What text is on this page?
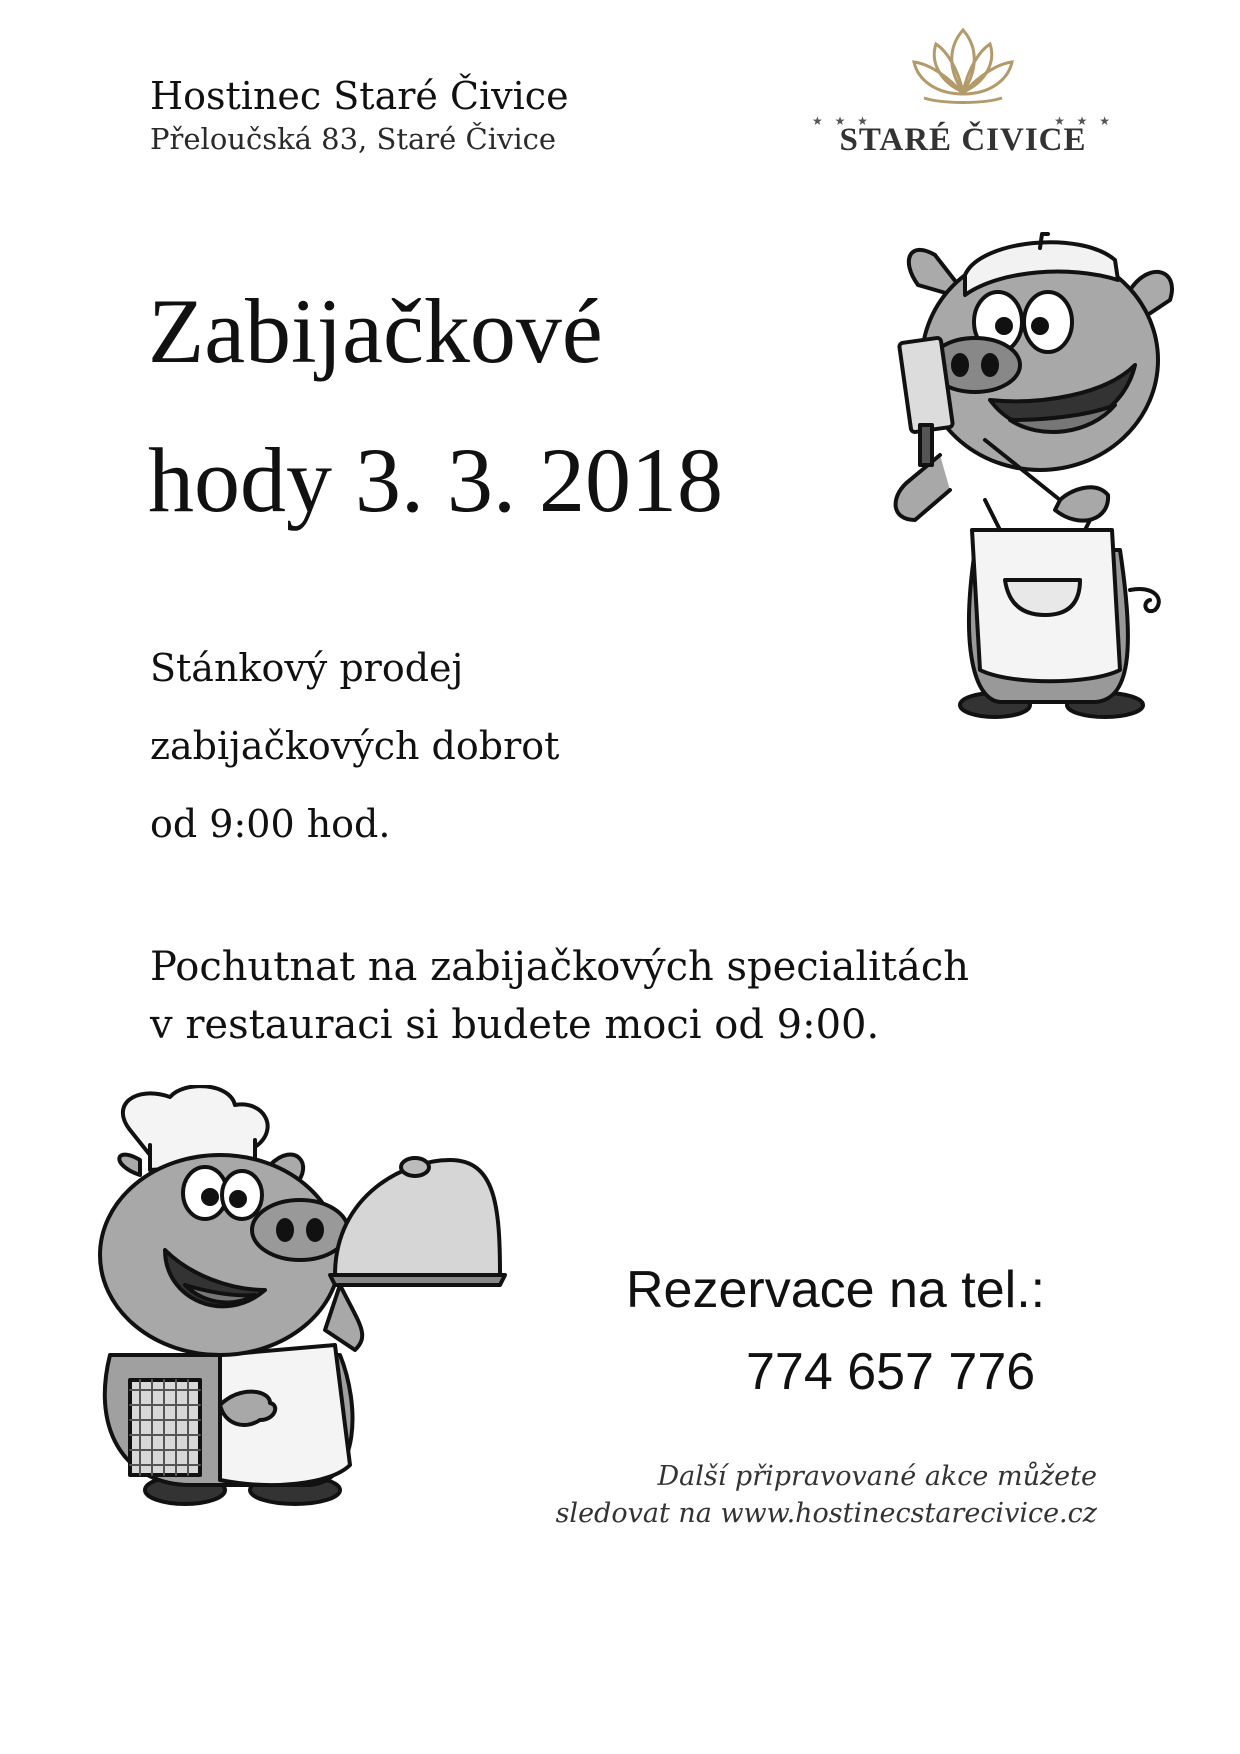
Hostinec Staré Čivice
Přeloučská 83, Staré Čivice
★ ★ ★	★ ★ ★
STARÉ ČIVICE
Zabijačkové
hody 3. 3. 2018
Stánkový prodej
zabijačkových dobrot
od 9:00 hod.
Pochutnat na zabijačkových specialitách
v restauraci si budete moci od 9:00.
Rezervace na tel.:
774 657 776
Další připravované akce můžete
sledovat na www.hostinecstarecivice.cz
